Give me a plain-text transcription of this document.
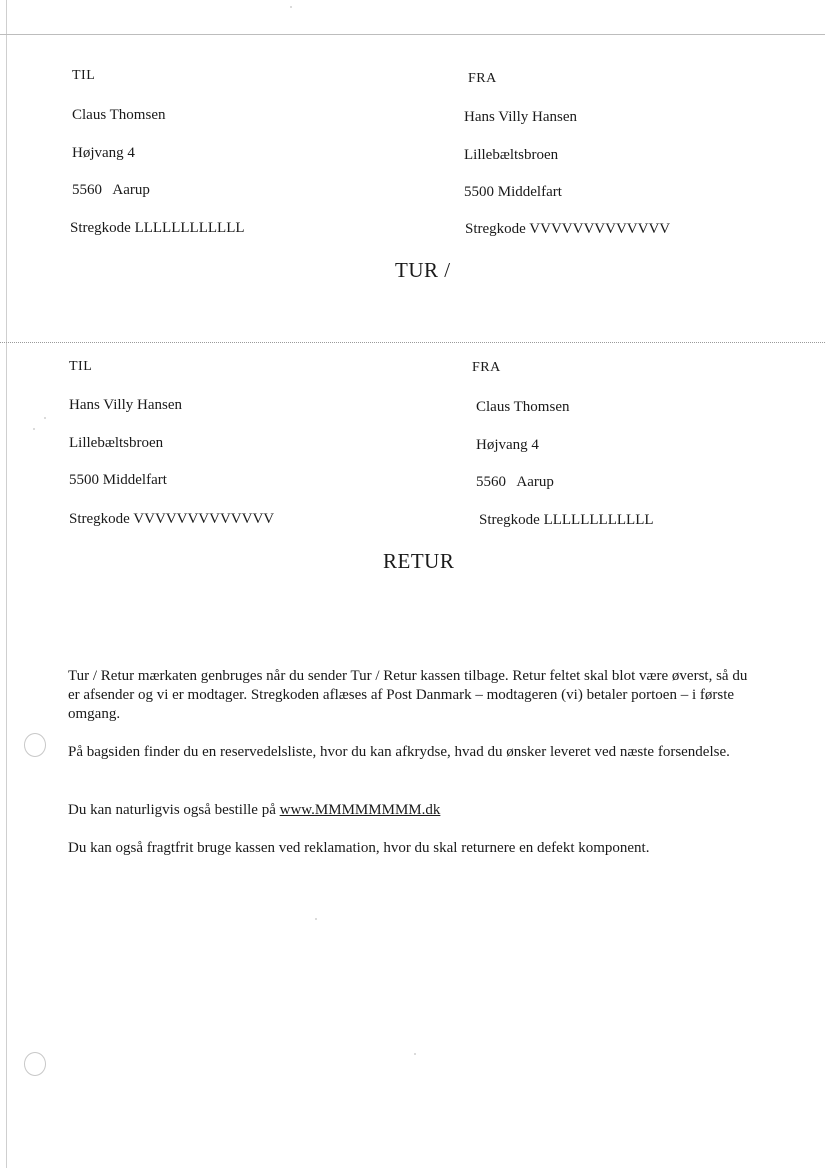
TIL
Claus Thomsen
Højvang 4
5560   Aarup
Stregkode LLLLLLLLLLLL
FRA
Hans Villy Hansen
Lillebæltsbroen
5500 Middelfart
Stregkode VVVVVVVVVVVVV
TUR /
TIL
Hans Villy Hansen
Lillebæltsbroen
5500 Middelfart
Stregkode VVVVVVVVVVVVV
FRA
Claus Thomsen
Højvang 4
5560   Aarup
Stregkode LLLLLLLLLLLL
RETUR

Tur / Retur mærkaten genbruges når du sender Tur / Retur kassen tilbage. Retur feltet skal blot være øverst, så du er afsender og vi er modtager. Stregkoden aflæses af Post Danmark – modtageren (vi) betaler portoen – i første omgang.

På bagsiden finder du en reservedelsliste, hvor du kan afkrydse, hvad du ønsker leveret ved næste forsendelse.

Du kan naturligvis også bestille på www.MMMMMMMM.dk

Du kan også fragtfrit bruge kassen ved reklamation, hvor du skal returnere en defekt komponent.
